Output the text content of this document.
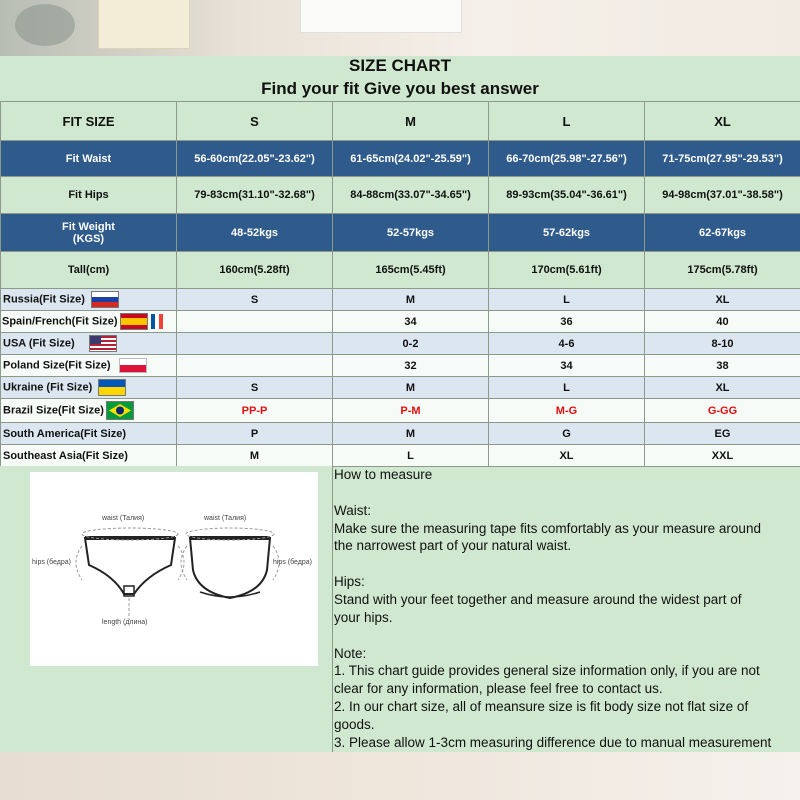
SIZE CHART
Find your fit Give you best answer
FIT SIZE	S	M	L	XL
Fit Waist	56-60cm(22.05"-23.62")	61-65cm(24.02"-25.59")	66-70cm(25.98"-27.56")	71-75cm(27.95"-29.53")
Fit Hips	79-83cm(31.10"-32.68")	84-88cm(33.07"-34.65")	89-93cm(35.04"-36.61")	94-98cm(37.01"-38.58")
Fit Weight
(KGS)	48-52kgs	52-57kgs	57-62kgs	62-67kgs
Tall(cm)	160cm(5.28ft)	165cm(5.45ft)	170cm(5.61ft)	175cm(5.78ft)
Russia(Fit Size)	S	M	L	XL
Spain/French(Fit Size)		34	36	40
USA (Fit Size)		0-2	4-6	8-10
Poland Size(Fit Size)		32	34	38
Ukraine (Fit Size)	S	M	L	XL
Brazil Size(Fit Size)	PP-P	P-M	M-G	G-GG
South America(Fit Size)	P	M	G	EG
Southeast Asia(Fit Size)	M	L	XL	XXL
waist (Талия)	waist (Талия)
hips (бедра)	hips (бедра)
length (длина)

How to measure

Waist:

Make sure the measuring tape fits comfortably as your measure around

the narrowest part of your natural waist.

Hips:

Stand with your feet together and measure around the widest part of

your hips.

Note:

1. This chart guide provides general size information only, if you are not

clear for any information, please feel free to contact us.

2. In our chart size, all of meansure size is fit body size not flat size of

goods.

3. Please allow 1-3cm measuring difference due to manual measurement
